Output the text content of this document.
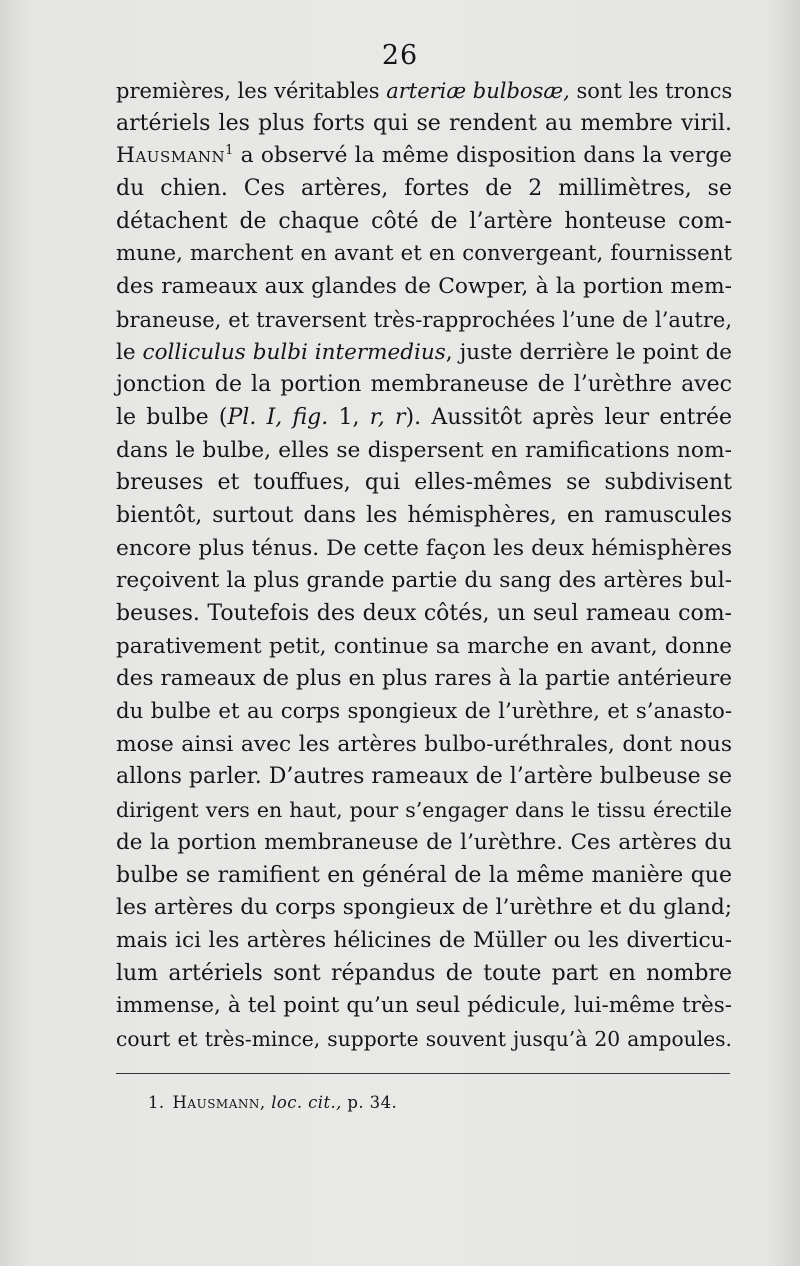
26
premières, les véritables arteriæ bulbosæ, sont les troncs
artériels les plus forts qui se rendent au membre viril.
Hausmann$^1$ a observé la même disposition dans la verge
du chien. Ces artères, fortes de 2 millimètres, se
détachent de chaque côté de l’artère honteuse com-
mune, marchent en avant et en convergeant, fournissent
des rameaux aux glandes de Cowper, à la portion mem-
braneuse, et traversent très-rapprochées l’une de l’autre,
le colliculus bulbi intermedius, juste derrière le point de
jonction de la portion membraneuse de l’urèthre avec
le bulbe (Pl. I, fig. 1, r, r). Aussitôt après leur entrée
dans le bulbe, elles se dispersent en ramifications nom-
breuses et touffues, qui elles-mêmes se subdivisent
bientôt, surtout dans les hémisphères, en ramuscules
encore plus ténus. De cette façon les deux hémisphères
reçoivent la plus grande partie du sang des artères bul-
beuses. Toutefois des deux côtés, un seul rameau com-
parativement petit, continue sa marche en avant, donne
des rameaux de plus en plus rares à la partie antérieure
du bulbe et au corps spongieux de l’urèthre, et s’anasto-
mose ainsi avec les artères bulbo-uréthrales, dont nous
allons parler. D’autres rameaux de l’artère bulbeuse se
dirigent vers en haut, pour s’engager dans le tissu érectile
de la portion membraneuse de l’urèthre. Ces artères du
bulbe se ramifient en général de la même manière que
les artères du corps spongieux de l’urèthre et du gland;
mais ici les artères hélicines de Müller ou les diverticu-
lum artériels sont répandus de toute part en nombre
immense, à tel point qu’un seul pédicule, lui-même très-
court et très-mince, supporte souvent jusqu’à 20 ampoules.
1. Hausmann, loc. cit., p. 34.
